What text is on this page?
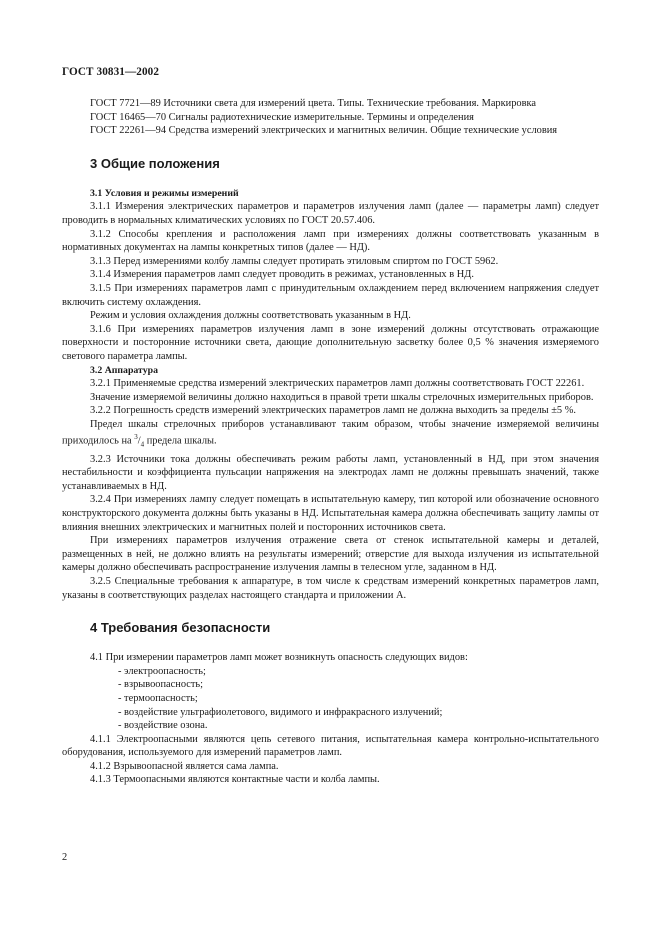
ГОСТ 30831—2002

ГОСТ 7721—89 Источники света для измерений цвета. Типы. Технические требования. Маркировка

ГОСТ 16465—70 Сигналы радиотехнические измерительные. Термины и определения

ГОСТ 22261—94 Средства измерений электрических и магнитных величин. Общие технические условия

3 Общие положения

3.1 Условия и режимы измерений

3.1.1 Измерения электрических параметров и параметров излучения ламп (далее — параметры ламп) следует проводить в нормальных климатических условиях по ГОСТ 20.57.406.

3.1.2 Способы крепления и расположения ламп при измерениях должны соответствовать указанным в нормативных документах на лампы конкретных типов (далее — НД).

3.1.3 Перед измерениями колбу лампы следует протирать этиловым спиртом по ГОСТ 5962.

3.1.4 Измерения параметров ламп следует проводить в режимах, установленных в НД.

3.1.5 При измерениях параметров ламп с принудительным охлаждением перед включением напряжения следует включить систему охлаждения.

Режим и условия охлаждения должны соответствовать указанным в НД.

3.1.6 При измерениях параметров излучения ламп в зоне измерений должны отсутствовать отражающие поверхности и посторонние источники света, дающие дополнительную засветку более 0,5 % значения измеряемого светового параметра лампы.

3.2 Аппаратура

3.2.1 Применяемые средства измерений электрических параметров ламп должны соответствовать ГОСТ 22261.

Значение измеряемой величины должно находиться в правой трети шкалы стрелочных измерительных приборов.

3.2.2 Погрешность средств измерений электрических параметров ламп не должна выходить за пределы ±5 %.

Предел шкалы стрелочных приборов устанавливают таким образом, чтобы значение измеряемой величины приходилось на $^3/_4$ предела шкалы.

3.2.3 Источники тока должны обеспечивать режим работы ламп, установленный в НД, при этом значения нестабильности и коэффициента пульсации напряжения на электродах ламп не должны превышать значений, также устанавливаемых в НД.

3.2.4 При измерениях лампу следует помещать в испытательную камеру, тип которой или обозначение основного конструкторского документа должны быть указаны в НД. Испытательная камера должна обеспечивать защиту лампы от влияния внешних электрических и магнитных полей и посторонних источников света.

При измерениях параметров излучения отражение света от стенок испытательной камеры и деталей, размещенных в ней, не должно влиять на результаты измерений; отверстие для выхода излучения из испытательной камеры должно обеспечивать распространение излучения лампы в телесном угле, заданном в НД.

3.2.5 Специальные требования к аппаратуре, в том числе к средствам измерений конкретных параметров ламп, указаны в соответствующих разделах настоящего стандарта и приложении А.

4 Требования безопасности

4.1 При измерении параметров ламп может возникнуть опасность следующих видов:

- электроопасность;

- взрывоопасность;

- термоопасность;

- воздействие ультрафиолетового, видимого и инфракрасного излучений;

- воздействие озона.

4.1.1 Электроопасными являются цепь сетевого питания, испытательная камера контрольно-испытательного оборудования, используемого для измерений параметров ламп.

4.1.2 Взрывоопасной является сама лампа.

4.1.3 Термоопасными являются контактные части и колба лампы.

2
